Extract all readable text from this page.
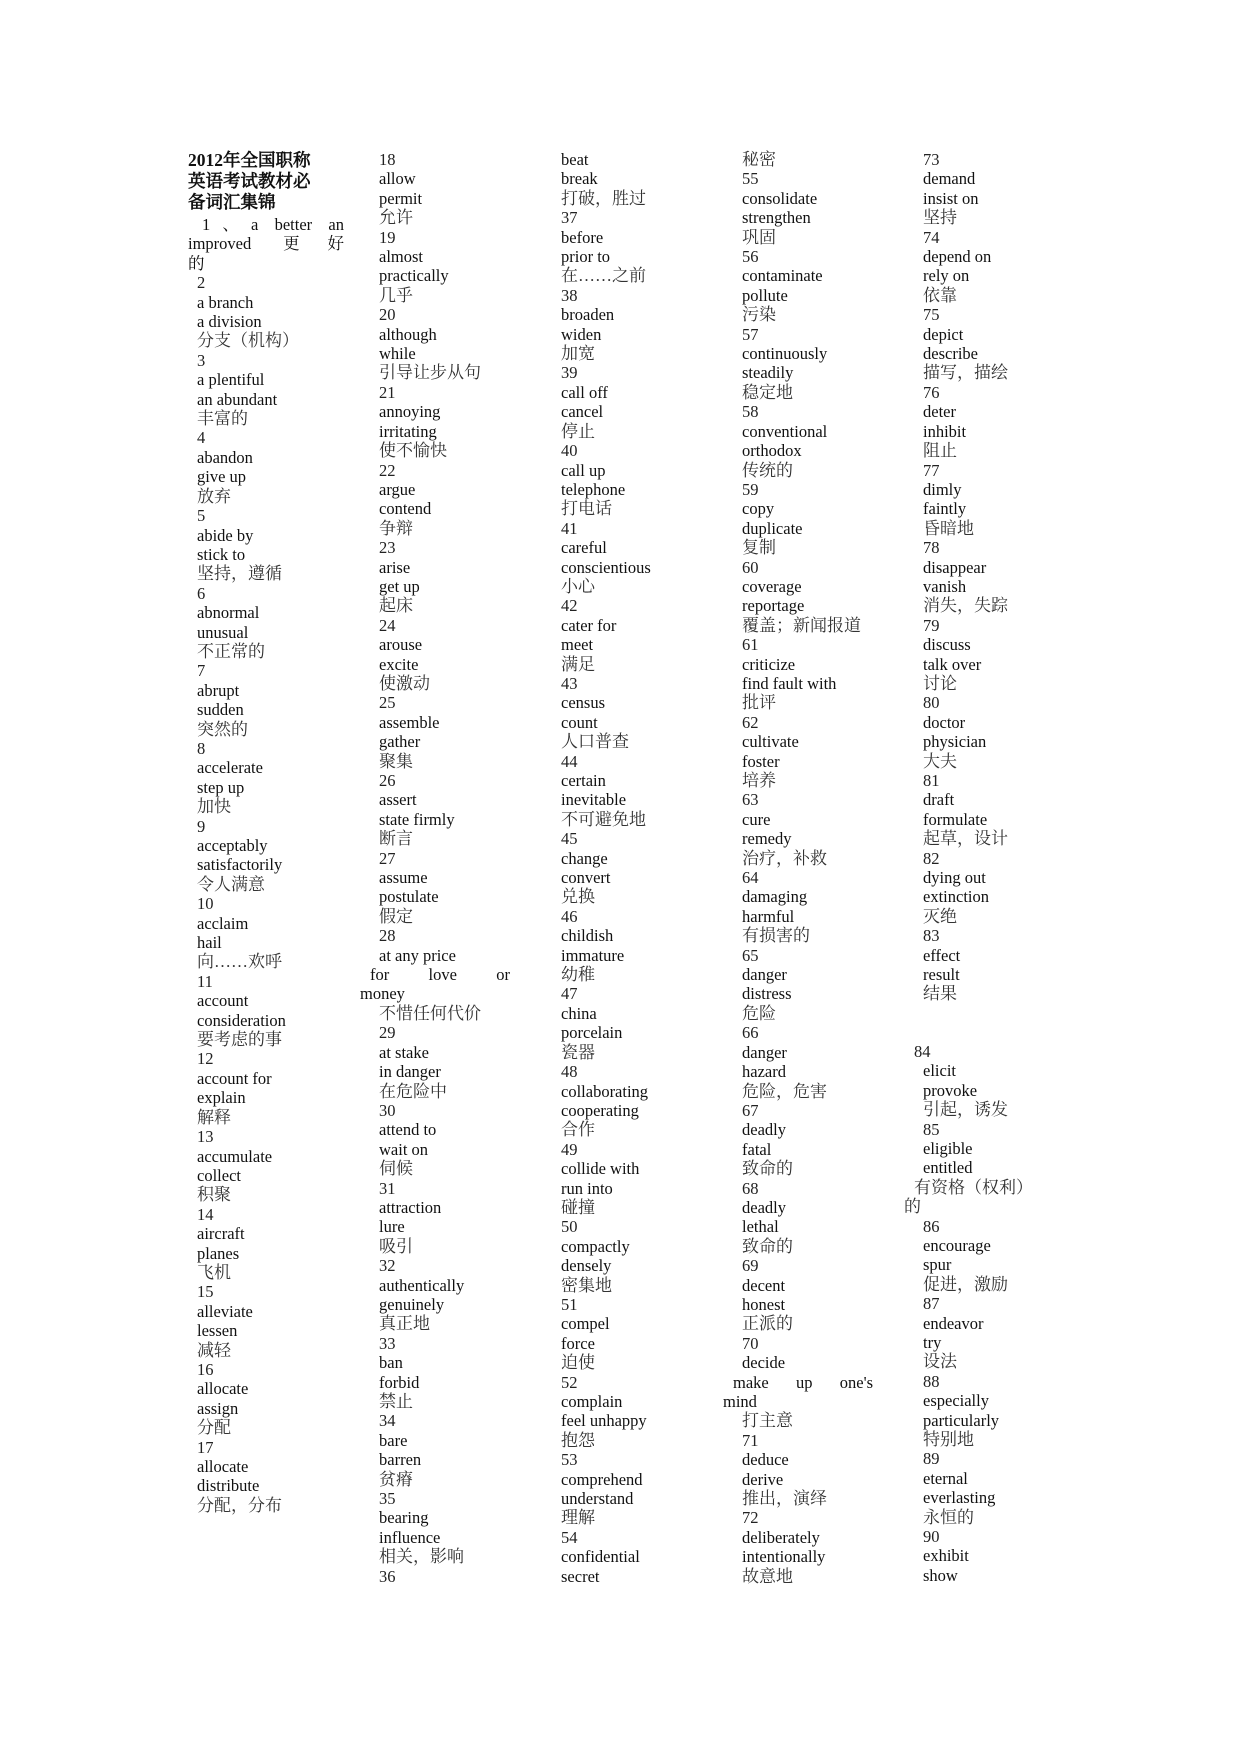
2012年全国职称
英语考试教材必
备词汇集锦
1、a better an
improved 更好
的
2
a branch
a division
分支（机构）
3
a plentiful
an abundant
丰富的
4
abandon
give up
放弃
5
abide by
stick to
坚持，遵循
6
abnormal
unusual
不正常的
7
abrupt
sudden
突然的
8
accelerate
step up
加快
9
acceptably
satisfactorily
令人满意
10
acclaim
hail
向……欢呼
11
account
consideration
要考虑的事
12
account for
explain
解释
13
accumulate
collect
积聚
14
aircraft
planes
飞机
15
alleviate
lessen
减轻
16
allocate
assign
分配
17
allocate
distribute
分配，分布
18
allow
permit
允许
19
almost
practically
几乎
20
although
while
引导让步从句
21
annoying
irritating
使不愉快
22
argue
contend
争辩
23
arise
get up
起床
24
arouse
excite
使激动
25
assemble
gather
聚集
26
assert
state firmly
断言
27
assume
postulate
假定
28
at any price
for love or
money
不惜任何代价
29
at stake
in danger
在危险中
30
attend to
wait on
伺候
31
attraction
lure
吸引
32
authentically
genuinely
真正地
33
ban
forbid
禁止
34
bare
barren
贫瘠
35
bearing
influence
相关，影响
36
beat
break
打破，胜过
37
before
prior to
在……之前
38
broaden
widen
加宽
39
call off
cancel
停止
40
call up
telephone
打电话
41
careful
conscientious
小心
42
cater for
meet
满足
43
census
count
人口普查
44
certain
inevitable
不可避免地
45
change
convert
兑换
46
childish
immature
幼稚
47
china
porcelain
瓷器
48
collaborating
cooperating
合作
49
collide with
run into
碰撞
50
compactly
densely
密集地
51
compel
force
迫使
52
complain
feel unhappy
抱怨
53
comprehend
understand
理解
54
confidential
secret
秘密
55
consolidate
strengthen
巩固
56
contaminate
pollute
污染
57
continuously
steadily
稳定地
58
conventional
orthodox
传统的
59
copy
duplicate
复制
60
coverage
reportage
覆盖；新闻报道
61
criticize
find fault with
批评
62
cultivate
foster
培养
63
cure
remedy
治疗，补救
64
damaging
harmful
有损害的
65
danger
distress
危险
66
danger
hazard
危险，危害
67
deadly
fatal
致命的
68
deadly
lethal
致命的
69
decent
honest
正派的
70
decide
make up one's
mind
打主意
71
deduce
derive
推出，演绎
72
deliberately
intentionally
故意地
73
demand
insist on
坚持
74
depend on
rely on
依靠
75
depict
describe
描写，描绘
76
deter
inhibit
阻止
77
dimly
faintly
昏暗地
78
disappear
vanish
消失，失踪
79
discuss
talk over
讨论
80
doctor
physician
大夫
81
draft
formulate
起草，设计
82
dying out
extinction
灭绝
83
effect
result
结果
84
elicit
provoke
引起，诱发
85
eligible
entitled
有资格（权利）
的
86
encourage
spur
促进，激励
87
endeavor
try
设法
88
especially
particularly
特别地
89
eternal
everlasting
永恒的
90
exhibit
show
